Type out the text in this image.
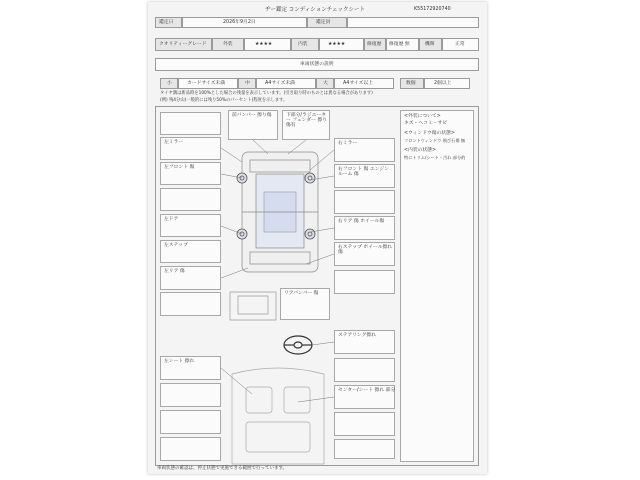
ヂー鑑定 コンディションチェックシート	K55172920740
鑑定日	2026年9月2日	鑑定員
クオリティーグレード	外装	★★★★	内装	★★★★	修復歴 修復歴 無	機関	正常
車両状態の説明
小	カードサイズ未満	中	A4サイズ未満	大	A4サイズ以上	数個	2個以上
タイヤ溝は新品時を100%とした場合の残量を表示しています。(引き取り時のものとは異なる場合があります)
(例) 残4分山(一般的には残り50%のパーセント)程度を示します。
左ミラー
左フロント 傷
左ドア
左ステップ
左リア 傷
前バンパー 擦り傷	下部分/ラジエーター フェンダー 擦り傷有
右ミラー
右フロント 傷 エンジンルーム 傷
右リア 傷 ホイール傷
右ステップ ホイール擦れ 傷
リアバンパー 傷
ステアリング擦れ
センター/シート 擦れ 部分
左シート 擦れ
<外装について>
キズ・ヘコミ・サビ
<ウィンドウ傷の状態>
フロントウィンドウ 飛び石傷 無
<内装の状態>
特にトリム/シート・汚れ 部分的
車両状態の確認は、停止状態で実施できる範囲で行っています。
